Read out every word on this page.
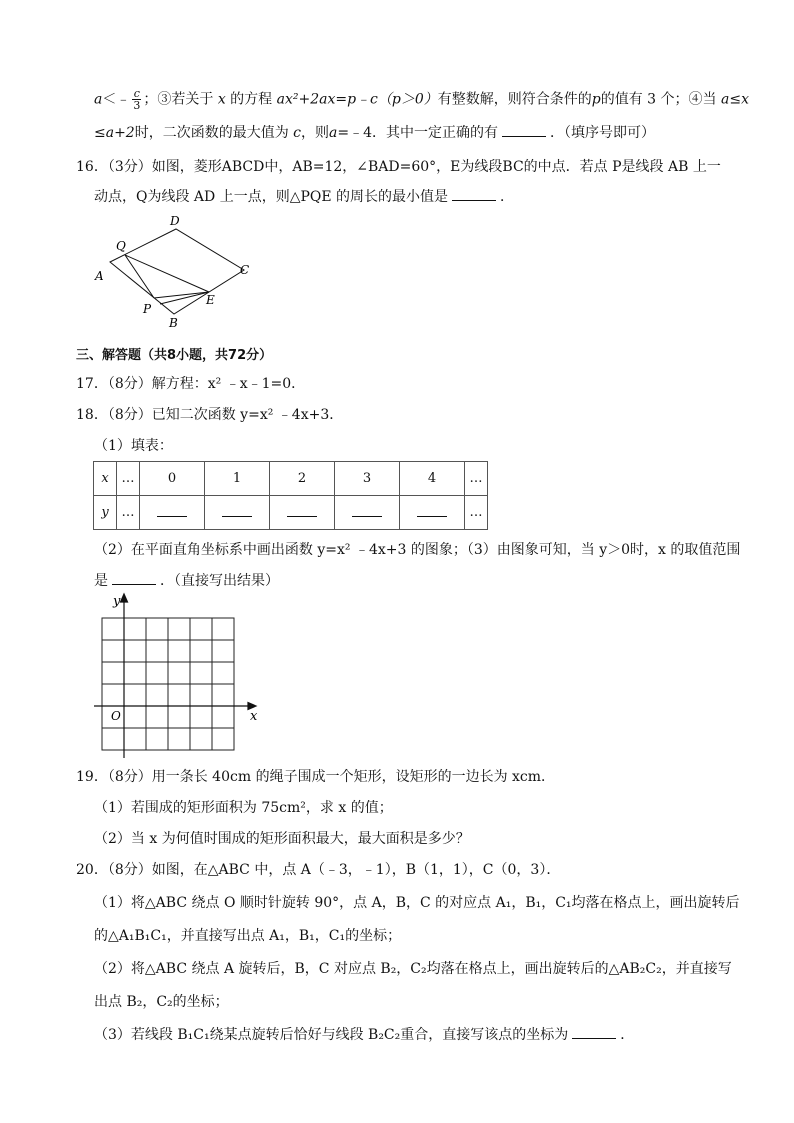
a＜﹣ $\frac{c}{3}$ ；③若关于 x 的方程 ax²+2ax=p﹣c（p＞0）有整数解，则符合条件的p的值有 3 个；④当 a≤x
≤a+2时，二次函数的最大值为 c，则a=﹣4．其中一定正确的有	．（填序号即可）
16．（3分）如图，菱形ABCD中，AB=12，∠BAD=60°，E为线段BC的中点．若点 P是线段 AB 上一
动点，Q为线段 AD 上一点，则△PQE 的周长的最小值是	．
D
Q
A	C
E
P
B
三、解答题（共8小题，共72分）
17．（8分）解方程：x² ﹣x﹣1=0．
18．（8分）已知二次函数 y=x² ﹣4x+3．
（1）填表：
x	…	0	1	2	3	4	…
y	…						…
（2）在平面直角坐标系中画出函数 y=x² ﹣4x+3 的图象；（3）由图象可知，当 y＞0时，x 的取值范围
是	．（直接写出结果）
y
x
O
19．（8分）用一条长 40cm 的绳子围成一个矩形，设矩形的一边长为 xcm．
（1）若围成的矩形面积为 75cm²，求 x 的值；
（2）当 x 为何值时围成的矩形面积最大，最大面积是多少？
20．（8分）如图，在△ABC 中，点 A（﹣3，﹣1），B（1，1），C（0，3）．
（1）将△ABC 绕点 O 顺时针旋转 90°，点 A，B，C 的对应点 A₁，B₁，C₁均落在格点上，画出旋转后
的△A₁B₁C₁，并直接写出点 A₁，B₁，C₁的坐标；
（2）将△ABC 绕点 A 旋转后，B，C 对应点 B₂，C₂均落在格点上，画出旋转后的△AB₂C₂，并直接写
出点 B₂，C₂的坐标；
（3）若线段 B₁C₁绕某点旋转后恰好与线段 B₂C₂重合，直接写该点的坐标为	．
